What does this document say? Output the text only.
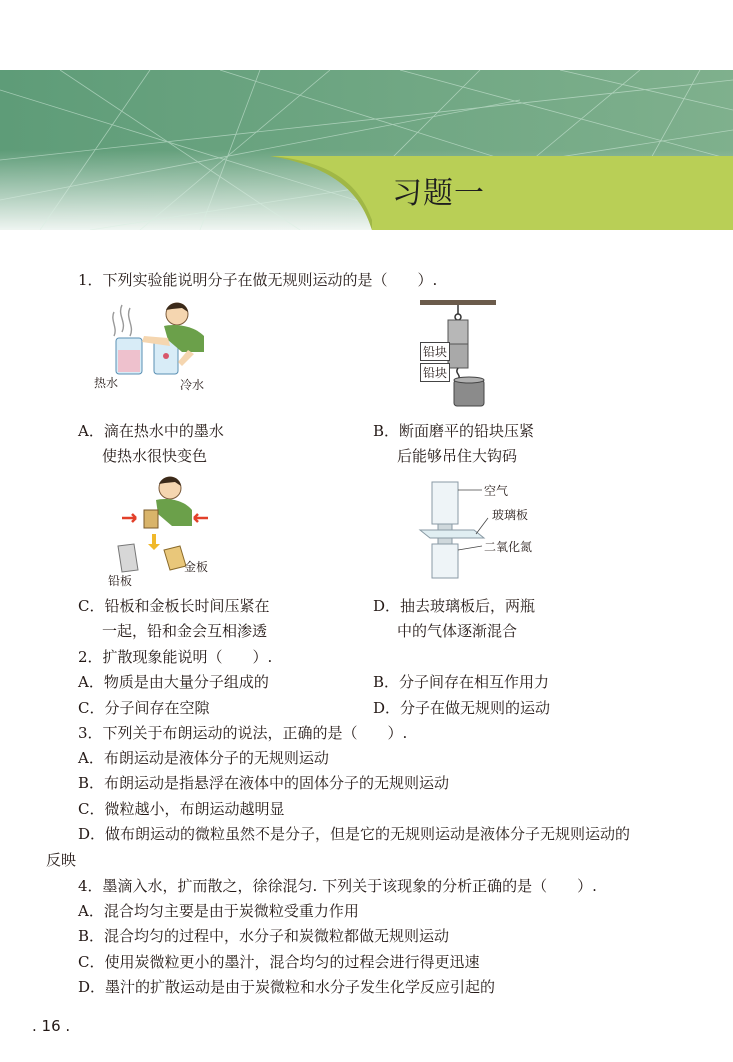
习题一
1．下列实验能说明分子在做无规则运动的是（　　）.
热水	冷水
铅块
铅块
A．滴在热水中的墨水
使热水很快变色
B．断面磨平的铅块压紧
后能够吊住大钩码
金板
铅板
空气
玻璃板
二氧化氮
C．铅板和金板长时间压紧在
一起，铅和金会互相渗透
D．抽去玻璃板后，两瓶
中的气体逐渐混合
2．扩散现象能说明（　　）.
A．物质是由大量分子组成的	B．分子间存在相互作用力
C．分子间存在空隙	D．分子在做无规则的运动
3．下列关于布朗运动的说法，正确的是（　　）.
A．布朗运动是液体分子的无规则运动
B．布朗运动是指悬浮在液体中的固体分子的无规则运动
C．微粒越小，布朗运动越明显
D．做布朗运动的微粒虽然不是分子，但是它的无规则运动是液体分子无规则运动的
反映
4．墨滴入水，扩而散之，徐徐混匀. 下列关于该现象的分析正确的是（　　）.
A．混合均匀主要是由于炭微粒受重力作用
B．混合均匀的过程中，水分子和炭微粒都做无规则运动
C．使用炭微粒更小的墨汁，混合均匀的过程会进行得更迅速
D．墨汁的扩散运动是由于炭微粒和水分子发生化学反应引起的
. 16 .
